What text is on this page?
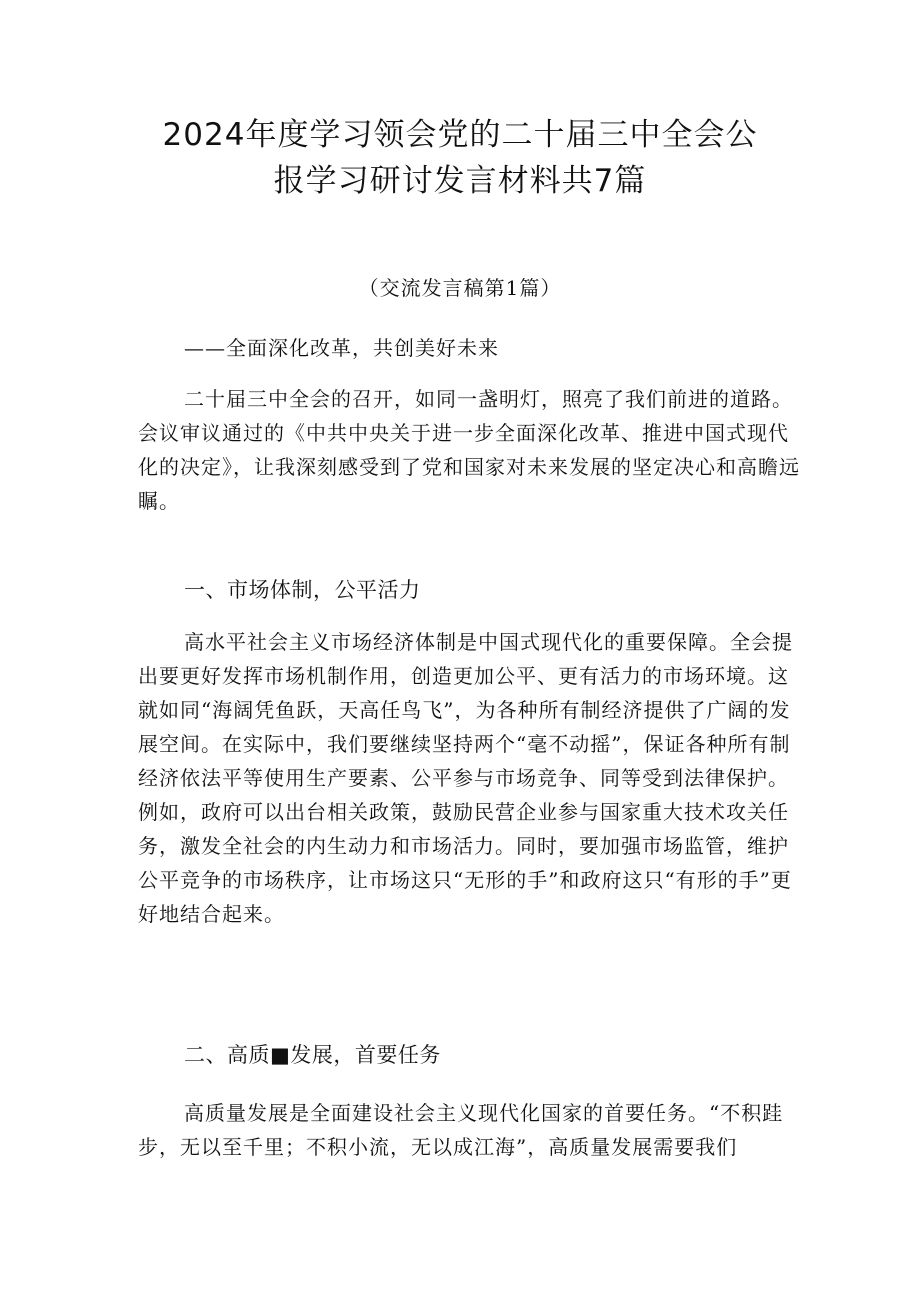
2024年度学习领会党的二十届三中全会公
报学习研讨发言材料共7篇
（交流发言稿第1篇）
——全面深化改革，共创美好未来

二十届三中全会的召开，如同一盏明灯，照亮了我们前进的道路。会议审议通过的《中共中央关于进一步全面深化改革、推进中国式现代化的决定》，让我深刻感受到了党和国家对未来发展的坚定决心和高瞻远瞩。

一、市场体制，公平活力

高水平社会主义市场经济体制是中国式现代化的重要保障。全会提出要更好发挥市场机制作用，创造更加公平、更有活力的市场环境。这就如同“海阔凭鱼跃，天高任鸟飞”，为各种所有制经济提供了广阔的发展空间。在实际中，我们要继续坚持两个“毫不动摇”，保证各种所有制经济依法平等使用生产要素、公平参与市场竞争、同等受到法律保护。例如，政府可以出台相关政策，鼓励民营企业参与国家重大技术攻关任务，激发全社会的内生动力和市场活力。同时，要加强市场监管，维护公平竞争的市场秩序，让市场这只“无形的手”和政府这只“有形的手”更好地结合起来。

二、高质■发展，首要任务

高质量发展是全面建设社会主义现代化国家的首要任务。“不积跬步，无以至千里；不积小流，无以成江海”，高质量发展需要我们
